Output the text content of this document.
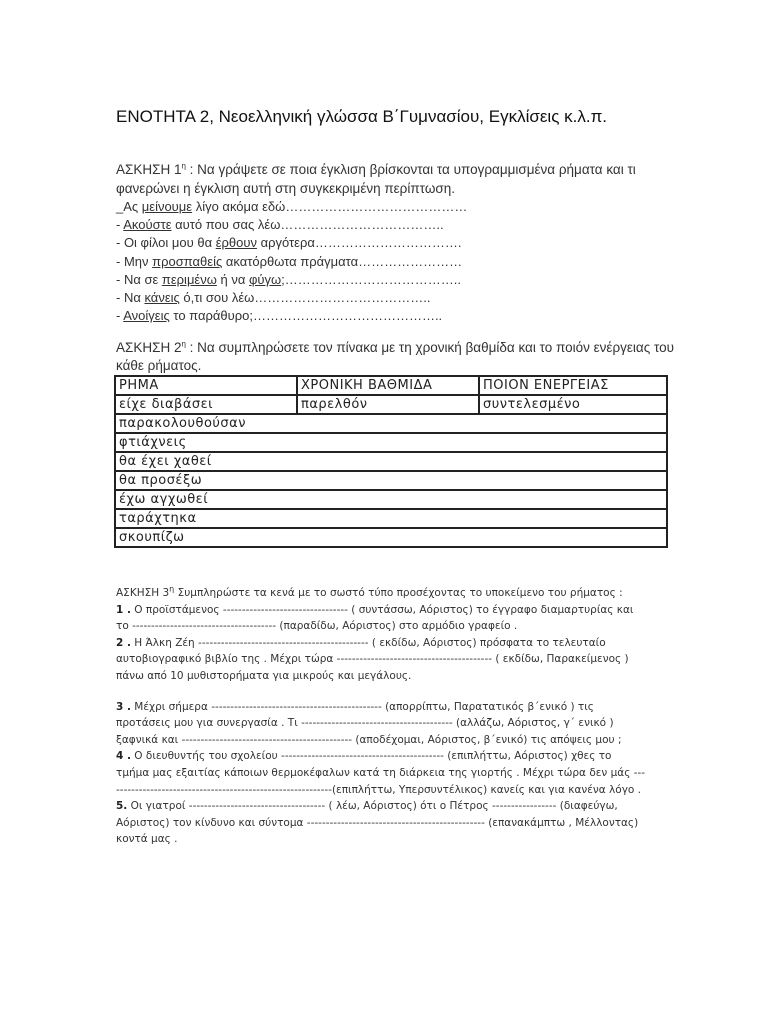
ΕΝΟΤΗΤΑ 2, Νεοελληνική γλώσσα Β΄Γυμνασίου, Εγκλίσεις κ.λ.π.

ΑΣΚΗΣΗ $1^\eta$ : Να γράψετε σε ποια έγκλιση βρίσκονται τα υπογραμμισμένα ρήματα και τι φανερώνει η έγκλιση αυτή στη συγκεκριμένη περίπτωση.

_Ας μείνουμε λίγο ακόμα εδώ……………………………………
- Ακούστε αυτό που σας λέω………………………………..
- Οι φίλοι μου θα έρθουν αργότερα…………………………….
- Μην προσπαθείς ακατόρθωτα πράγματα……………………
- Να σε περιμένω ή να φύγω;…………………………………..
- Να κάνεις ό,τι σου λέω…………………………………..
- Ανοίγεις το παράθυρο;……………………………………..

ΑΣΚΗΣΗ $2^\eta$ : Να συμπληρώσετε τον πίνακα με τη χρονική βαθμίδα και το ποιόν ενέργειας του κάθε ρήματος.

ΡΗΜΑ	ΧΡΟΝΙΚΗ ΒΑΘΜΙΔΑ	ΠΟΙΟΝ ΕΝΕΡΓΕΙΑΣ
είχε διαβάσει	παρελθόν	συντελεσμένο
παρακολουθούσαν		
φτιάχνεις		
θα έχει χαθεί		
θα προσέξω		
έχω αγχωθεί		
ταράχτηκα		
σκουπίζω		

ΑΣΚΗΣΗ $3^\eta$ Συμπληρώστε τα κενά με το σωστό τύπο προσέχοντας το υποκείμενο του ρήματος :

1 . Ο προϊστάμενος --------------------------------- ( συντάσσω, Αόριστος) το έγγραφο διαμαρτυρίας και το -------------------------------------- (παραδίδω, Αόριστος) στο αρμόδιο γραφείο .

2 . Η Άλκη Ζέη --------------------------------------------- ( εκδίδω, Αόριστος) πρόσφατα το τελευταίο αυτοβιογραφικό βιβλίο της . Μέχρι τώρα ----------------------------------------- ( εκδίδω, Παρακείμενος ) πάνω από 10 μυθιστορήματα για μικρούς και μεγάλους.

3 . Μέχρι σήμερα --------------------------------------------- (απορρίπτω, Παρατατικός β΄ενικό ) τις προτάσεις μου για συνεργασία . Τι ---------------------------------------- (αλλάζω, Αόριστος, γ΄ ενικό ) ξαφνικά και --------------------------------------------- (αποδέχομαι, Αόριστος, β΄ενικό) τις απόψεις μου ;

4 . Ο διευθυντής του σχολείου ------------------------------------------- (επιπλήττω, Αόριστος) χθες το τμήμα μας εξαιτίας κάποιων θερμοκέφαλων κατά τη διάρκεια της γιορτής . Μέχρι τώρα δεν μάς ------------------------------------------------------------(επιπλήττω, Υπερσυντέλικος) κανείς και για κανένα λόγο .

5. Οι γιατροί ------------------------------------ ( λέω, Αόριστος) ότι ο Πέτρος ----------------- (διαφεύγω, Αόριστος) τον κίνδυνο και σύντομα ----------------------------------------------- (επανακάμπτω , Μέλλοντας) κοντά μας .
